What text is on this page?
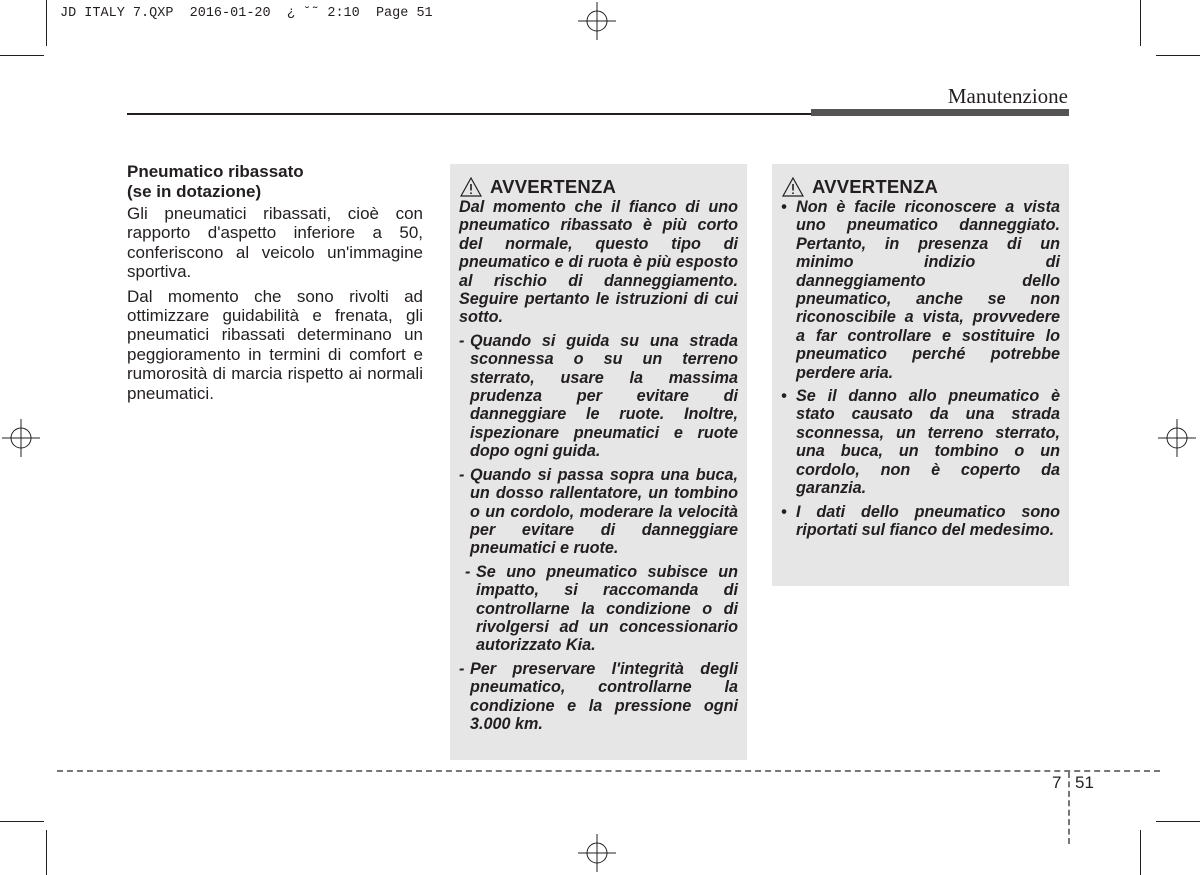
JD ITALY 7.QXP  2016-01-20  ¿ ˘˜ 2:10  Page 51
Manutenzione
Pneumatico ribassato
(se in dotazione)

Gli pneumatici ribassati, cioè con rapporto d'aspetto inferiore a 50, conferiscono al veicolo un'immagine sportiva.

Dal momento che sono rivolti ad ottimizzare guidabilità e frenata, gli pneumatici ribassati determinano un peggioramento in termini di comfort e rumorosità di marcia rispetto ai normali pneumatici.

AVVERTENZA

Dal momento che il fianco di uno pneumatico ribassato è più corto del normale, questo tipo di pneumatico e di ruota è più esposto al rischio di danneggiamento. Seguire pertanto le istruzioni di cui sotto.

- Quando si guida su una strada sconnessa o su un terreno sterrato, usare la massima prudenza per evitare di danneggiare le ruote. Inoltre, ispezionare pneumatici e ruote dopo ogni guida.
- Quando si passa sopra una buca, un dosso rallentatore, un tombino o un cordolo, moderare la velocità per evitare di danneggiare pneumatici e ruote.
- Se uno pneumatico subisce un impatto, si raccomanda di controllarne la condizione o di rivolgersi ad un concessionario autorizzato Kia.
- Per preservare l'integrità degli pneumatico, controllarne la condizione e la pressione ogni 3.000 km.
AVVERTENZA
• Non è facile riconoscere a vista uno pneumatico danneggiato. Pertanto, in presenza di un minimo indizio di danneggiamento dello pneumatico, anche se non riconoscibile a vista, provvedere a far controllare e sostituire lo pneumatico perché potrebbe perdere aria.
• Se il danno allo pneumatico è stato causato da una strada sconnessa, un terreno sterrato, una buca, un tombino o un cordolo, non è coperto da garanzia.
• I dati dello pneumatico sono riportati sul fianco del medesimo.
7 51
